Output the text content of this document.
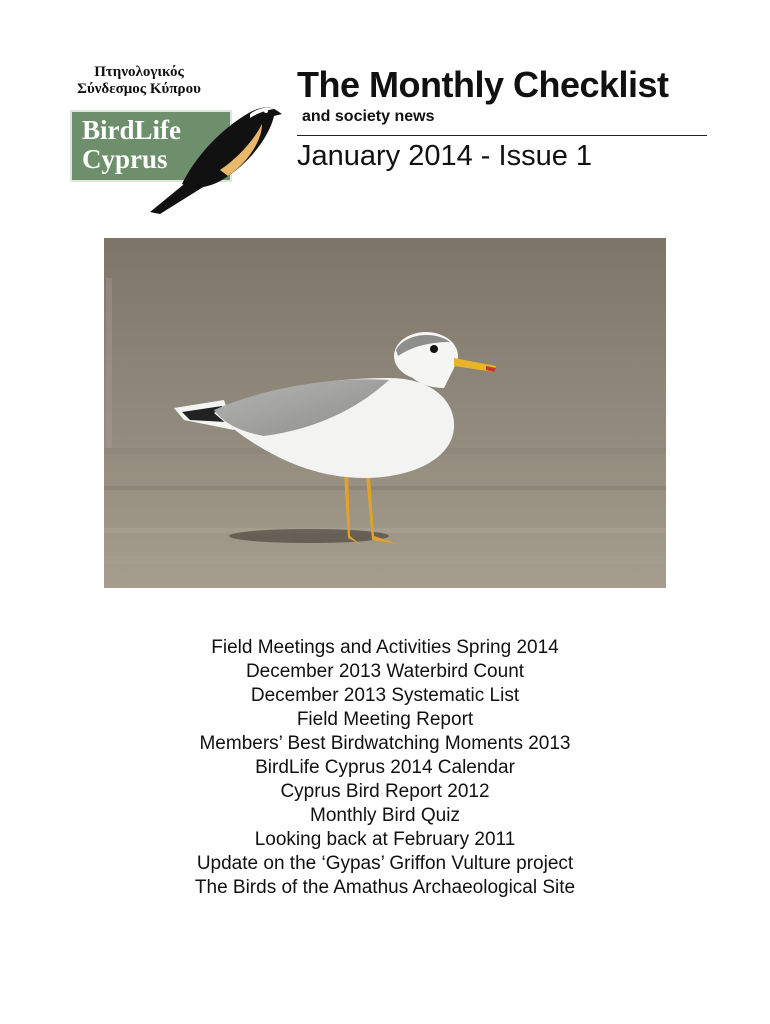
Πτηνολογικός
Σύνδεσμος Κύπρου
BirdLife
Cyprus
The Monthly Checklist
and society news
January 2014 - Issue 1
Field Meetings and Activities Spring 2014
December 2013 Waterbird Count
December 2013 Systematic List
Field Meeting Report
Members’ Best Birdwatching Moments 2013
BirdLife Cyprus 2014 Calendar
Cyprus Bird Report 2012
Monthly Bird Quiz
Looking back at February 2011
Update on the ‘Gypas’ Griffon Vulture project
The Birds of the Amathus Archaeological Site
